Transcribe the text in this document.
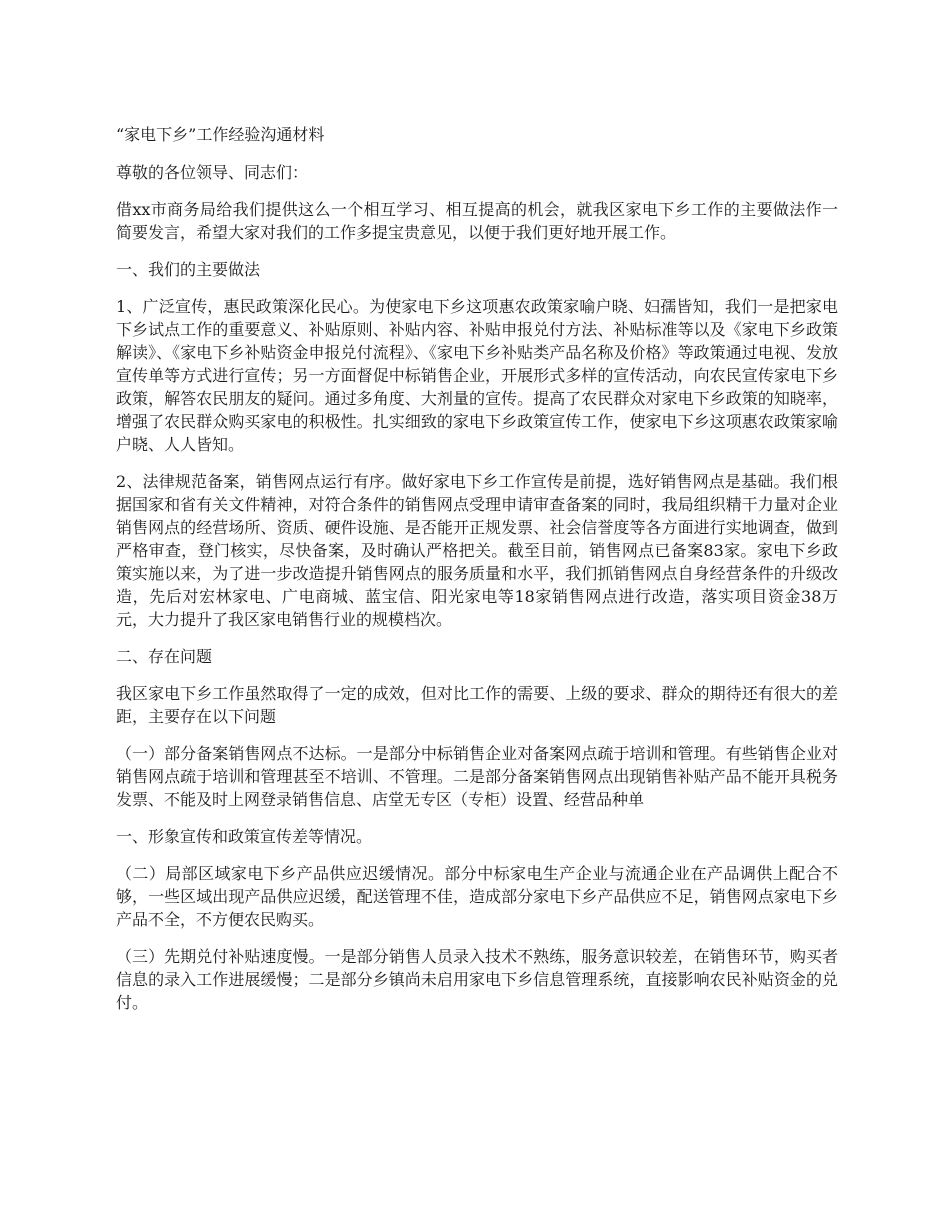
“家电下乡”工作经验沟通材料

尊敬的各位领导、同志们：

借xx市商务局给我们提供这么一个相互学习、相互提高的机会，就我区家电下乡工作的主要做法作一简要发言，希望大家对我们的工作多提宝贵意见，以便于我们更好地开展工作。

一、我们的主要做法

1、广泛宣传，惠民政策深化民心。为使家电下乡这项惠农政策家喻户晓、妇孺皆知，我们一是把家电下乡试点工作的重要意义、补贴原则、补贴内容、补贴申报兑付方法、补贴标准等以及《家电下乡政策解读》、《家电下乡补贴资金申报兑付流程》、《家电下乡补贴类产品名称及价格》等政策通过电视、发放宣传单等方式进行宣传；另一方面督促中标销售企业，开展形式多样的宣传活动，向农民宣传家电下乡政策，解答农民朋友的疑问。通过多角度、大剂量的宣传。提高了农民群众对家电下乡政策的知晓率，增强了农民群众购买家电的积极性。扎实细致的家电下乡政策宣传工作，使家电下乡这项惠农政策家喻户晓、人人皆知。

2、法律规范备案，销售网点运行有序。做好家电下乡工作宣传是前提，选好销售网点是基础。我们根据国家和省有关文件精神，对符合条件的销售网点受理申请审查备案的同时，我局组织精干力量对企业销售网点的经营场所、资质、硬件设施、是否能开正规发票、社会信誉度等各方面进行实地调查，做到严格审查，登门核实，尽快备案，及时确认严格把关。截至目前，销售网点已备案83家。家电下乡政策实施以来，为了进一步改造提升销售网点的服务质量和水平，我们抓销售网点自身经营条件的升级改造，先后对宏林家电、广电商城、蓝宝信、阳光家电等18家销售网点进行改造，落实项目资金38万元，大力提升了我区家电销售行业的规模档次。

二、存在问题

我区家电下乡工作虽然取得了一定的成效，但对比工作的需要、上级的要求、群众的期待还有很大的差距，主要存在以下问题

（一）部分备案销售网点不达标。一是部分中标销售企业对备案网点疏于培训和管理。有些销售企业对销售网点疏于培训和管理甚至不培训、不管理。二是部分备案销售网点出现销售补贴产品不能开具税务发票、不能及时上网登录销售信息、店堂无专区（专柜）设置、经营品种单

一、形象宣传和政策宣传差等情况。

（二）局部区域家电下乡产品供应迟缓情况。部分中标家电生产企业与流通企业在产品调供上配合不够，一些区域出现产品供应迟缓，配送管理不佳，造成部分家电下乡产品供应不足，销售网点家电下乡产品不全，不方便农民购买。

（三）先期兑付补贴速度慢。一是部分销售人员录入技术不熟练，服务意识较差，在销售环节，购买者信息的录入工作进展缓慢；二是部分乡镇尚未启用家电下乡信息管理系统，直接影响农民补贴资金的兑付。
